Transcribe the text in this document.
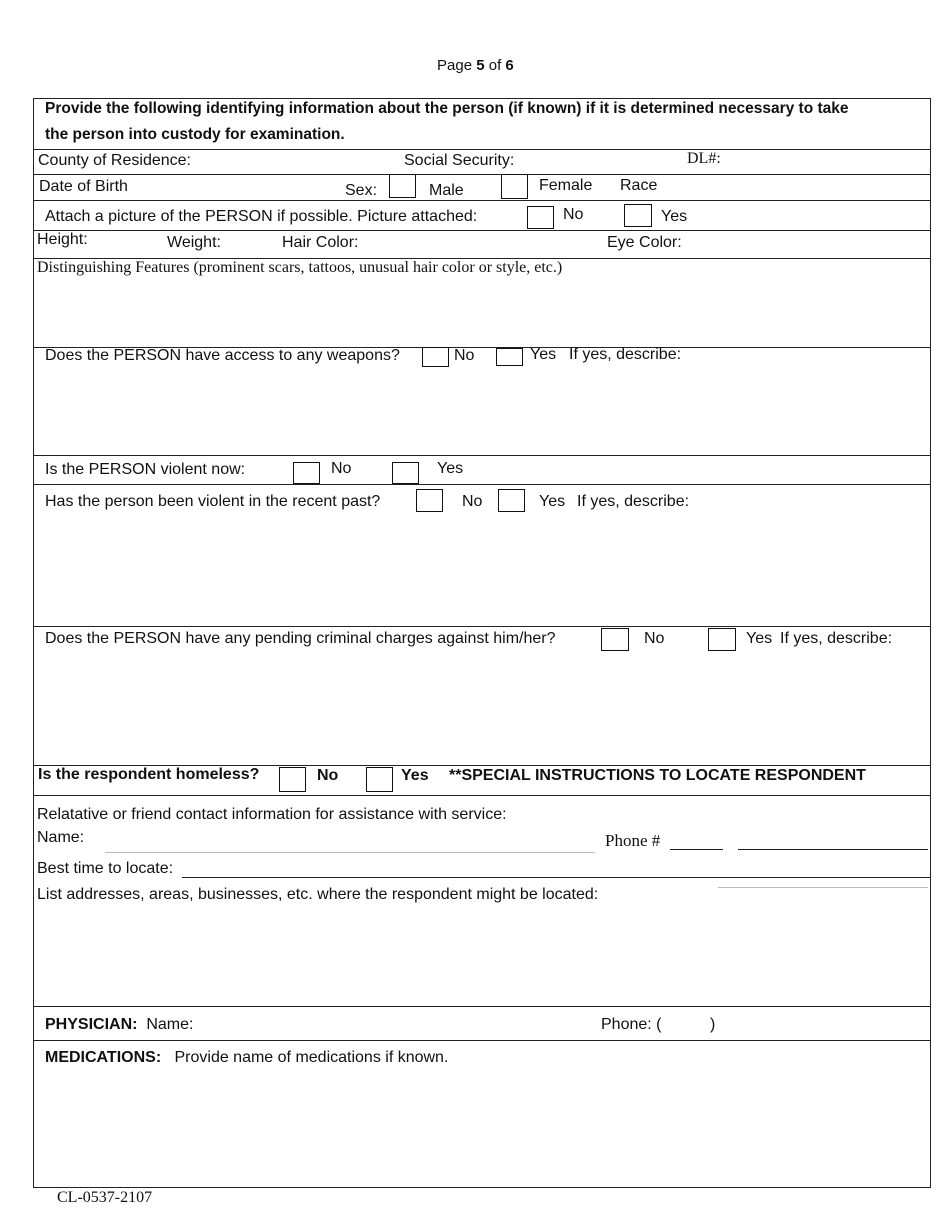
Page 5 of 6
Provide the following identifying information about the person (if known) if it is determined necessary to take
the person into custody for examination.
County of Residence:	Social Security:	DL#:
Date of Birth	Sex:	Male	Female Race
Attach a picture of the PERSON if possible. Picture attached:	No	Yes
Height:	Weight:	Hair Color:	Eye Color:
Distinguishing Features (prominent scars, tattoos, unusual hair color or style, etc.)
Does the PERSON have access to any weapons?	No	Yes If yes, describe:
Is the PERSON violent now:	No	Yes
Has the person been violent in the recent past?	No	Yes If yes, describe:
Does the PERSON have any pending criminal charges against him/her?	No	Yes If yes, describe:
Is the respondent homeless?	No	Yes **SPECIAL INSTRUCTIONS TO LOCATE RESPONDENT
Relatative or friend contact information for assistance with service:
Name:	Phone #
Best time to locate:
List addresses, areas, businesses, etc. where the respondent might be located:
PHYSICIAN: Name:	Phone: (	)
MEDICATIONS: Provide name of medications if known.
CL-0537-2107
